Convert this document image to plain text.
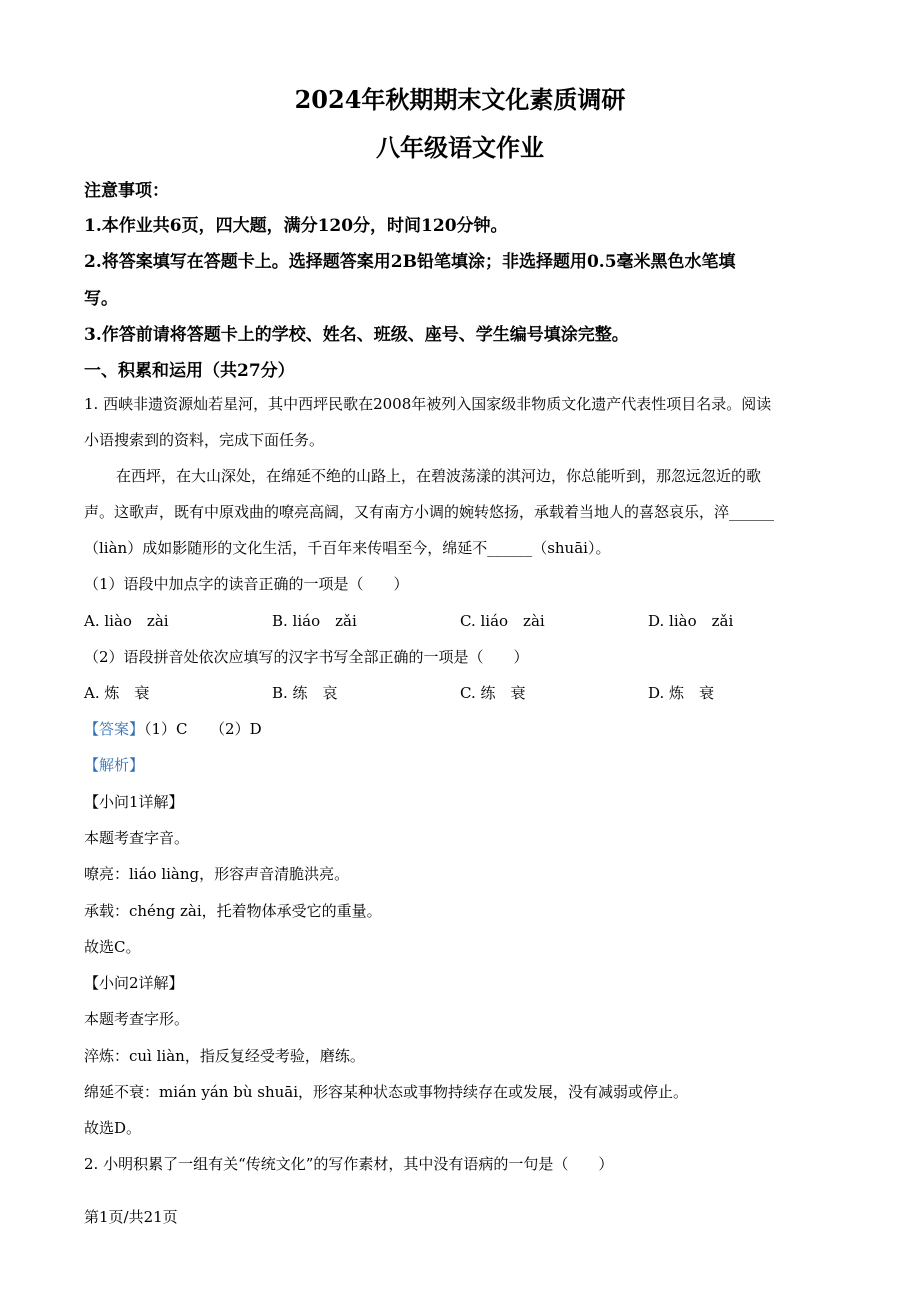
2024年秋期期末文化素质调研
八年级语文作业
注意事项：
1.本作业共6页，四大题，满分120分，时间120分钟。
2.将答案填写在答题卡上。选择题答案用2B铅笔填涂；非选择题用0.5毫米黑色水笔填
写。
3.作答前请将答题卡上的学校、姓名、班级、座号、学生编号填涂完整。
一、积累和运用（共27分）
1. 西峡非遗资源灿若星河，其中西坪民歌在2008年被列入国家级非物质文化遗产代表性项目名录。阅读
小语搜索到的资料，完成下面任务。
在西坪，在大山深处，在绵延不绝的山路上，在碧波荡漾的淇河边，你总能听到，那忽远忽近的歌
声。这歌声，既有中原戏曲的嘹亮高阔，又有南方小调的婉转悠扬，承载着当地人的喜怒哀乐，淬______
（liàn）成如影随形的文化生活，千百年来传唱至今，绵延不______（shuāi）。
（1）语段中加点字的读音正确的一项是（　　）
A. liào　zài	B. liáo　zǎi	C. liáo　zài	D. liào　zǎi
（2）语段拼音处依次应填写的汉字书写全部正确的一项是（　　）
A. 炼　衰	B. 练　哀	C. 练　衰	D. 炼　衰
【答案】（1）C　　（2）D
【解析】
【小问1详解】
本题考查字音。
嘹亮：liáo liàng，形容声音清脆洪亮。
承载：chéng zài，托着物体承受它的重量。
故选C。
【小问2详解】
本题考查字形。
淬炼：cuì liàn，指反复经受考验，磨练。
绵延不衰：mián yán bù shuāi，形容某种状态或事物持续存在或发展，没有减弱或停止。
故选D。
2. 小明积累了一组有关“传统文化”的写作素材，其中没有语病的一句是（　　）
第1页/共21页
